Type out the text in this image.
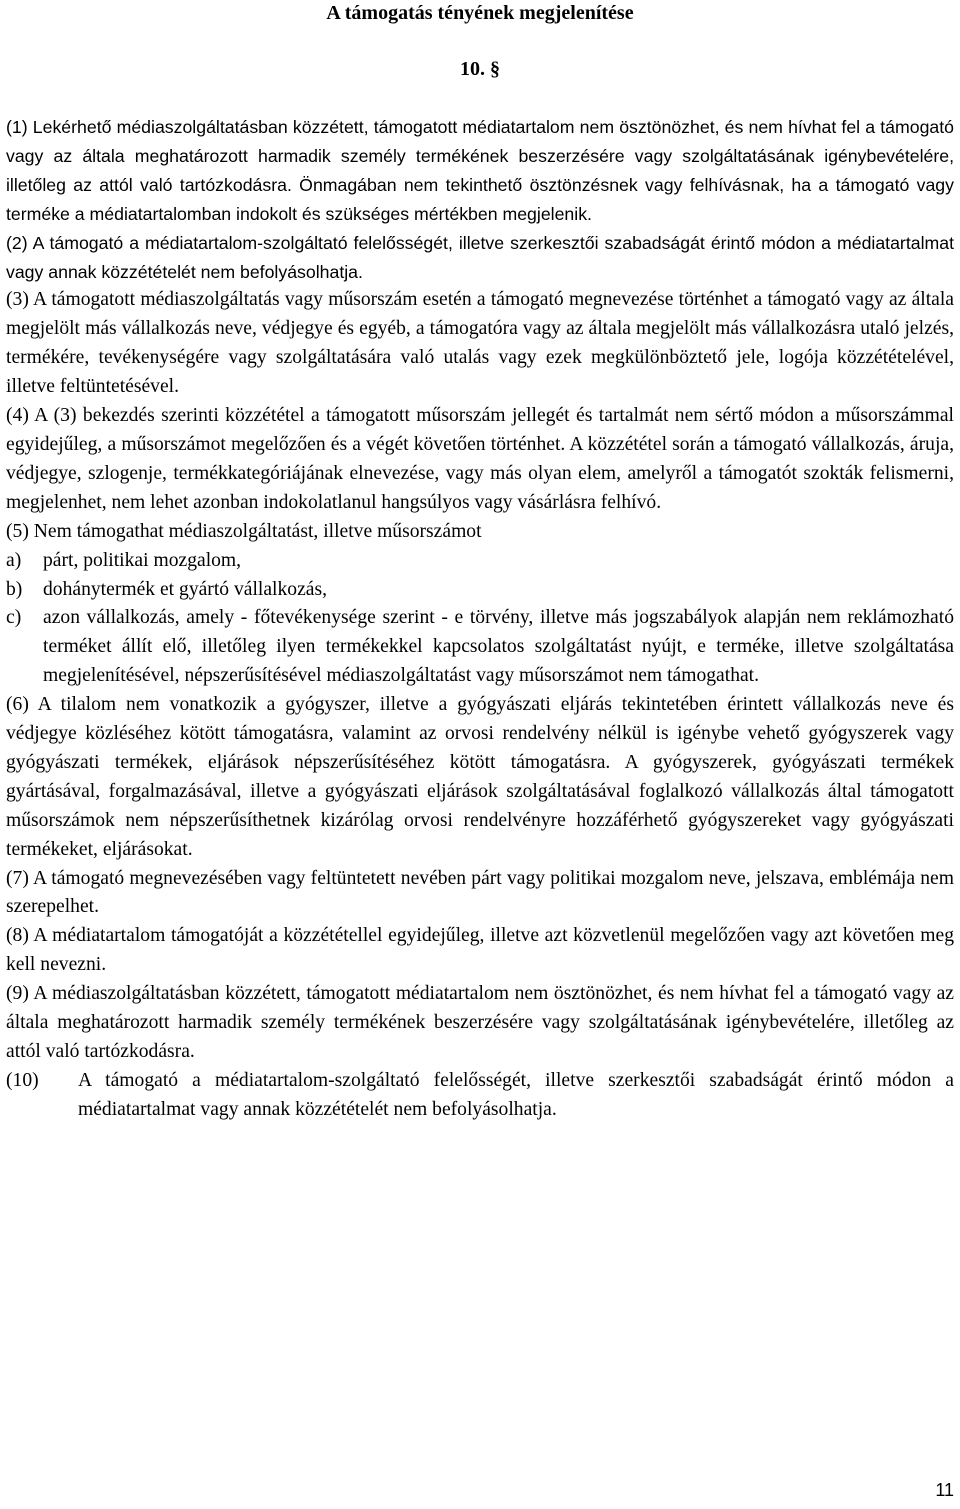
A támogatás tényének megjelenítése
10. §

(1) Lekérhető médiaszolgáltatásban közzétett, támogatott médiatartalom nem ösztönözhet, és nem hívhat fel a támogató vagy az általa meghatározott harmadik személy termékének beszerzésére vagy szolgáltatásának igénybevételére, illetőleg az attól való tartózkodásra. Önmagában nem tekinthető ösztönzésnek vagy felhívásnak, ha a támogató vagy terméke a médiatartalomban indokolt és szükséges mértékben megjelenik.

(2) A támogató a médiatartalom-szolgáltató felelősségét, illetve szerkesztői szabadságát érintő módon a médiatartalmat vagy annak közzétételét nem befolyásolhatja.

(3) A támogatott médiaszolgáltatás vagy műsorszám esetén a támogató megnevezése történhet a támogató vagy az általa megjelölt más vállalkozás neve, védjegye és egyéb, a támogatóra vagy az általa megjelölt más vállalkozásra utaló jelzés, termékére, tevékenységére vagy szolgáltatására való utalás vagy ezek megkülönböztető jele, logója közzétételével, illetve feltüntetésével.

(4) A (3) bekezdés szerinti közzététel a támogatott műsorszám jellegét és tartalmát nem sértő módon a műsorszámmal egyidejűleg, a műsorszámot megelőzően és a végét követően történhet. A közzététel során a támogató vállalkozás, áruja, védjegye, szlogenje, termékkategóriájának elnevezése, vagy más olyan elem, amelyről a támogatót szokták felismerni, megjelenhet, nem lehet azonban indokolatlanul hangsúlyos vagy vásárlásra felhívó.

(5) Nem támogathat médiaszolgáltatást, illetve műsorszámot

a)	párt, politikai mozgalom,
b)	dohánytermék et gyártó vállalkozás,
c)	azon vállalkozás, amely - főtevékenysége szerint - e törvény, illetve más jogszabályok alapján nem reklámozható terméket állít elő, illetőleg ilyen termékekkel kapcsolatos szolgáltatást nyújt, e terméke, illetve szolgáltatása megjelenítésével, népszerűsítésével médiaszolgáltatást vagy műsorszámot nem támogathat.

(6) A tilalom nem vonatkozik a gyógyszer, illetve a gyógyászati eljárás tekintetében érintett vállalkozás neve és védjegye közléséhez kötött támogatásra, valamint az orvosi rendelvény nélkül is igénybe vehető gyógyszerek vagy gyógyászati termékek, eljárások népszerűsítéséhez kötött támogatásra. A gyógyszerek, gyógyászati termékek gyártásával, forgalmazásával, illetve a gyógyászati eljárások szolgáltatásával foglalkozó vállalkozás által támogatott műsorszámok nem népszerűsíthetnek kizárólag orvosi rendelvényre hozzáférhető gyógyszereket vagy gyógyászati termékeket, eljárásokat.

(7) A támogató megnevezésében vagy feltüntetett nevében párt vagy politikai mozgalom neve, jelszava, emblémája nem szerepelhet.

(8) A médiatartalom támogatóját a közzététellel egyidejűleg, illetve azt közvetlenül megelőzően vagy azt követően meg kell nevezni.

(9) A médiaszolgáltatásban közzétett, támogatott médiatartalom nem ösztönözhet, és nem hívhat fel a támogató vagy az általa meghatározott harmadik személy termékének beszerzésére vagy szolgáltatásának igénybevételére, illetőleg az attól való tartózkodásra.

(10)	A támogató a médiatartalom-szolgáltató felelősségét, illetve szerkesztői szabadságát érintő módon a médiatartalmat vagy annak közzétételét nem befolyásolhatja.
11
